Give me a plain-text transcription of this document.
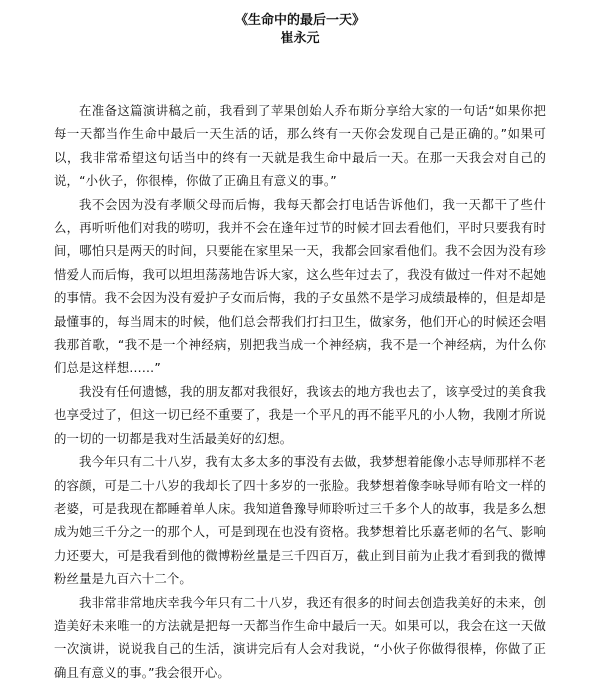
《生命中的最后一天》

崔永元

在准备这篇演讲稿之前，我看到了苹果创始人乔布斯分享给大家的一句话“如果你把每一天都当作生命中最后一天生活的话，那么终有一天你会发现自己是正确的。”如果可以，我非常希望这句话当中的终有一天就是我生命中最后一天。在那一天我会对自己的说，“小伙子，你很棒，你做了正确且有意义的事。”

我不会因为没有孝顺父母而后悔，我每天都会打电话告诉他们，我一天都干了些什么，再听听他们对我的唠叨，我并不会在逢年过节的时候才回去看他们，平时只要我有时间，哪怕只是两天的时间，只要能在家里呆一天，我都会回家看他们。我不会因为没有珍惜爱人而后悔，我可以坦坦荡荡地告诉大家，这么些年过去了，我没有做过一件对不起她的事情。我不会因为没有爱护子女而后悔，我的子女虽然不是学习成绩最棒的，但是却是最懂事的，每当周末的时候，他们总会帮我们打扫卫生，做家务，他们开心的时候还会唱我那首歌，“我不是一个神经病，别把我当成一个神经病，我不是一个神经病，为什么你们总是这样想……”

我没有任何遗憾，我的朋友都对我很好，我该去的地方我也去了，该享受过的美食我也享受过了，但这一切已经不重要了，我是一个平凡的再不能平凡的小人物，我刚才所说的一切的一切都是我对生活最美好的幻想。

我今年只有二十八岁，我有太多太多的事没有去做，我梦想着能像小志导师那样不老的容颜，可是二十八岁的我却长了四十多岁的一张脸。我梦想着像李咏导师有哈文一样的老婆，可是我现在都睡着单人床。我知道鲁豫导师聆听过三千多个人的故事，我是多么想成为她三千分之一的那个人，可是到现在也没有资格。我梦想着比乐嘉老师的名气、影响力还要大，可是我看到他的微博粉丝量是三千四百万，截止到目前为止我才看到我的微博粉丝量是九百六十二个。

我非常非常地庆幸我今年只有二十八岁，我还有很多的时间去创造我美好的未来，创造美好未来唯一的方法就是把每一天都当作生命中最后一天。如果可以，我会在这一天做一次演讲，说说我自己的生活，演讲完后有人会对我说，“小伙子你做得很棒，你做了正确且有意义的事。”我会很开心。
